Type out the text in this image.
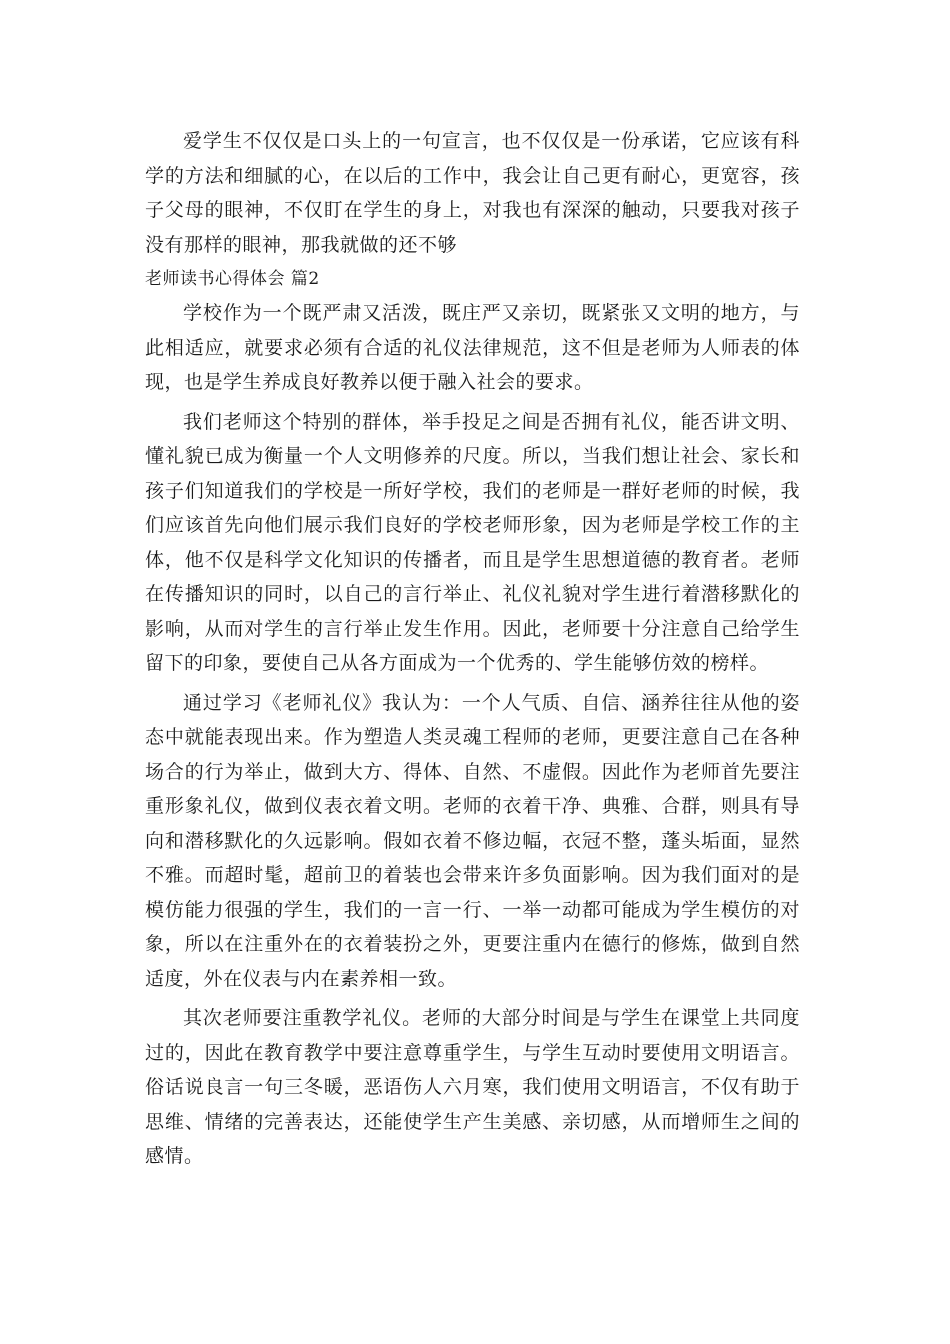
爱学生不仅仅是口头上的一句宣言，也不仅仅是一份承诺，它应该有科学的方法和细腻的心，在以后的工作中，我会让自己更有耐心，更宽容，孩子父母的眼神，不仅盯在学生的身上，对我也有深深的触动，只要我对孩子没有那样的眼神，那我就做的还不够

老师读书心得体会 篇2

学校作为一个既严肃又活泼，既庄严又亲切，既紧张又文明的地方，与此相适应，就要求必须有合适的礼仪法律规范，这不但是老师为人师表的体现，也是学生养成良好教养以便于融入社会的要求。

我们老师这个特别的群体，举手投足之间是否拥有礼仪，能否讲文明、懂礼貌已成为衡量一个人文明修养的尺度。所以，当我们想让社会、家长和孩子们知道我们的学校是一所好学校，我们的老师是一群好老师的时候，我们应该首先向他们展示我们良好的学校老师形象，因为老师是学校工作的主体，他不仅是科学文化知识的传播者，而且是学生思想道德的教育者。老师在传播知识的同时，以自己的言行举止、礼仪礼貌对学生进行着潜移默化的影响，从而对学生的言行举止发生作用。因此，老师要十分注意自己给学生留下的印象，要使自己从各方面成为一个优秀的、学生能够仿效的榜样。

通过学习《老师礼仪》我认为：一个人气质、自信、涵养往往从他的姿态中就能表现出来。作为塑造人类灵魂工程师的老师，更要注意自己在各种场合的行为举止，做到大方、得体、自然、不虚假。因此作为老师首先要注重形象礼仪，做到仪表衣着文明。老师的衣着干净、典雅、合群，则具有导向和潜移默化的久远影响。假如衣着不修边幅，衣冠不整，蓬头垢面，显然不雅。而超时髦，超前卫的着装也会带来许多负面影响。因为我们面对的是模仿能力很强的学生，我们的一言一行、一举一动都可能成为学生模仿的对象，所以在注重外在的衣着装扮之外，更要注重内在德行的修炼，做到自然适度，外在仪表与内在素养相一致。

其次老师要注重教学礼仪。老师的大部分时间是与学生在课堂上共同度过的，因此在教育教学中要注意尊重学生，与学生互动时要使用文明语言。俗话说良言一句三冬暖，恶语伤人六月寒，我们使用文明语言，不仅有助于思维、情绪的完善表达，还能使学生产生美感、亲切感，从而增师生之间的感情。
